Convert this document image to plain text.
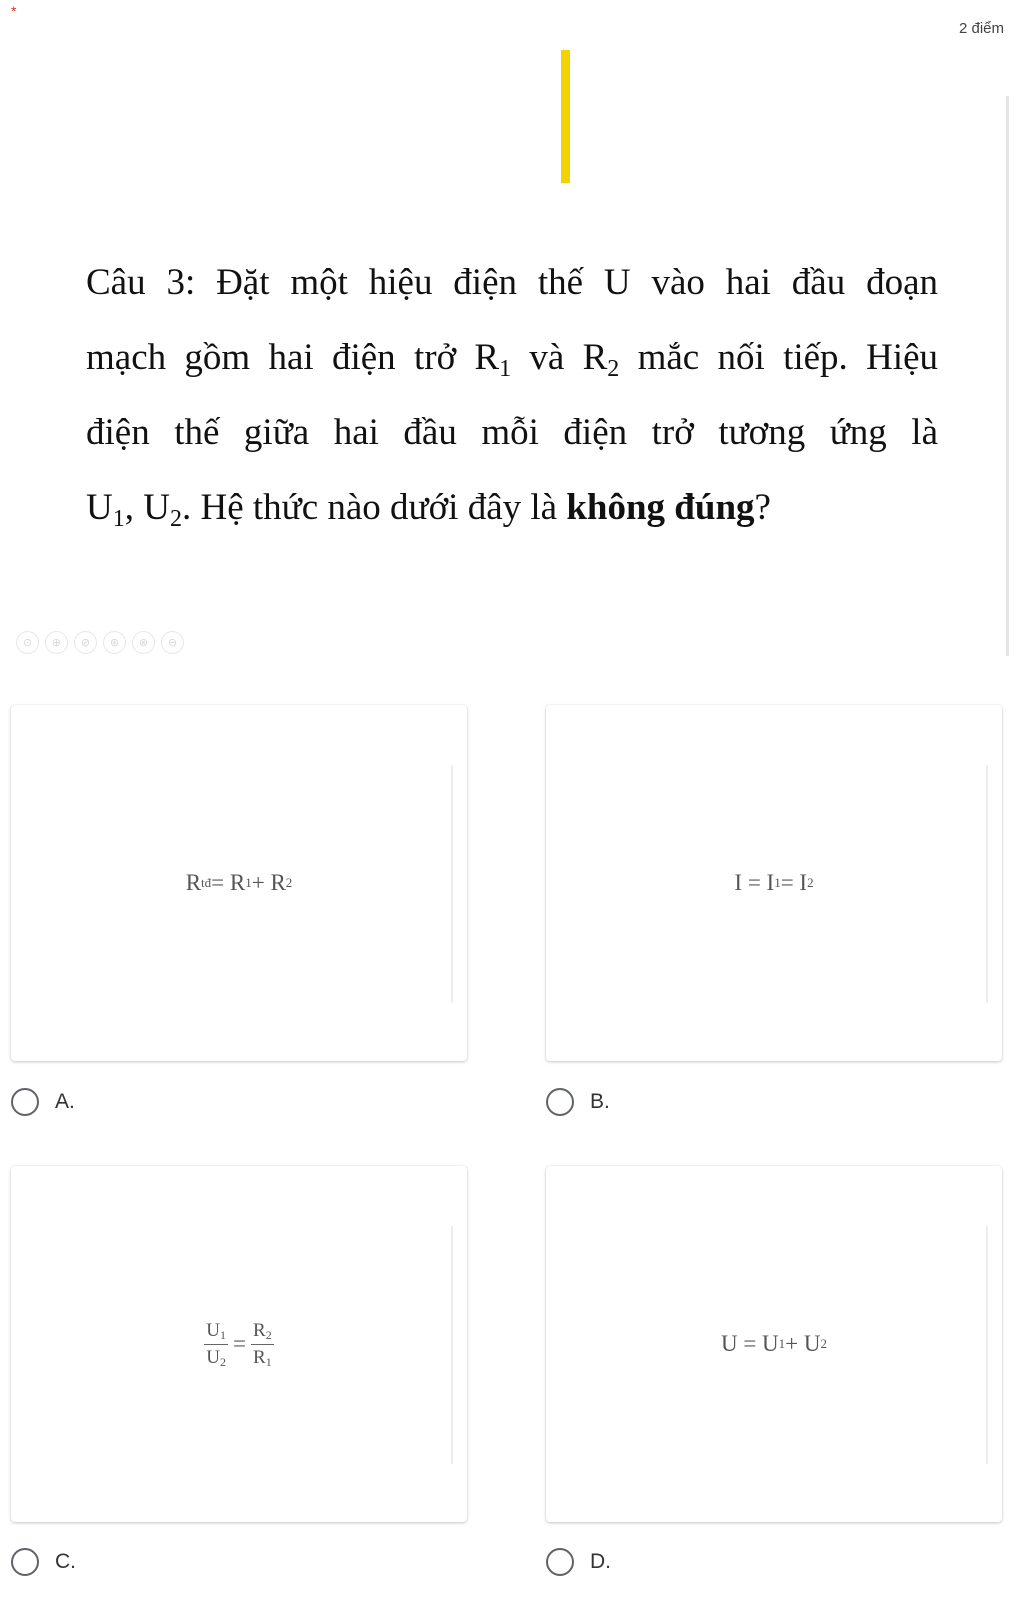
*
2 điểm
Câu 3: Đặt một hiệu điện thế U vào hai đầu đoạn
mạch gồm hai điện trở $R_1$ và $R_2$ mắc nối tiếp. Hiệu
điện thế giữa hai đầu mỗi điện trở tương ứng là
$U_1$, $U_2$. Hệ thức nào dưới đây là không đúng?
⊙	⊕	⊘	⊛	⊗	⊖
R tđ = R 1 + R 2
A.
I = I 1 = I 2
B.
$\frac{U_1}{U_2} = \frac{R_2}{R_1}$
C.
U = U 1 + U 2
D.
